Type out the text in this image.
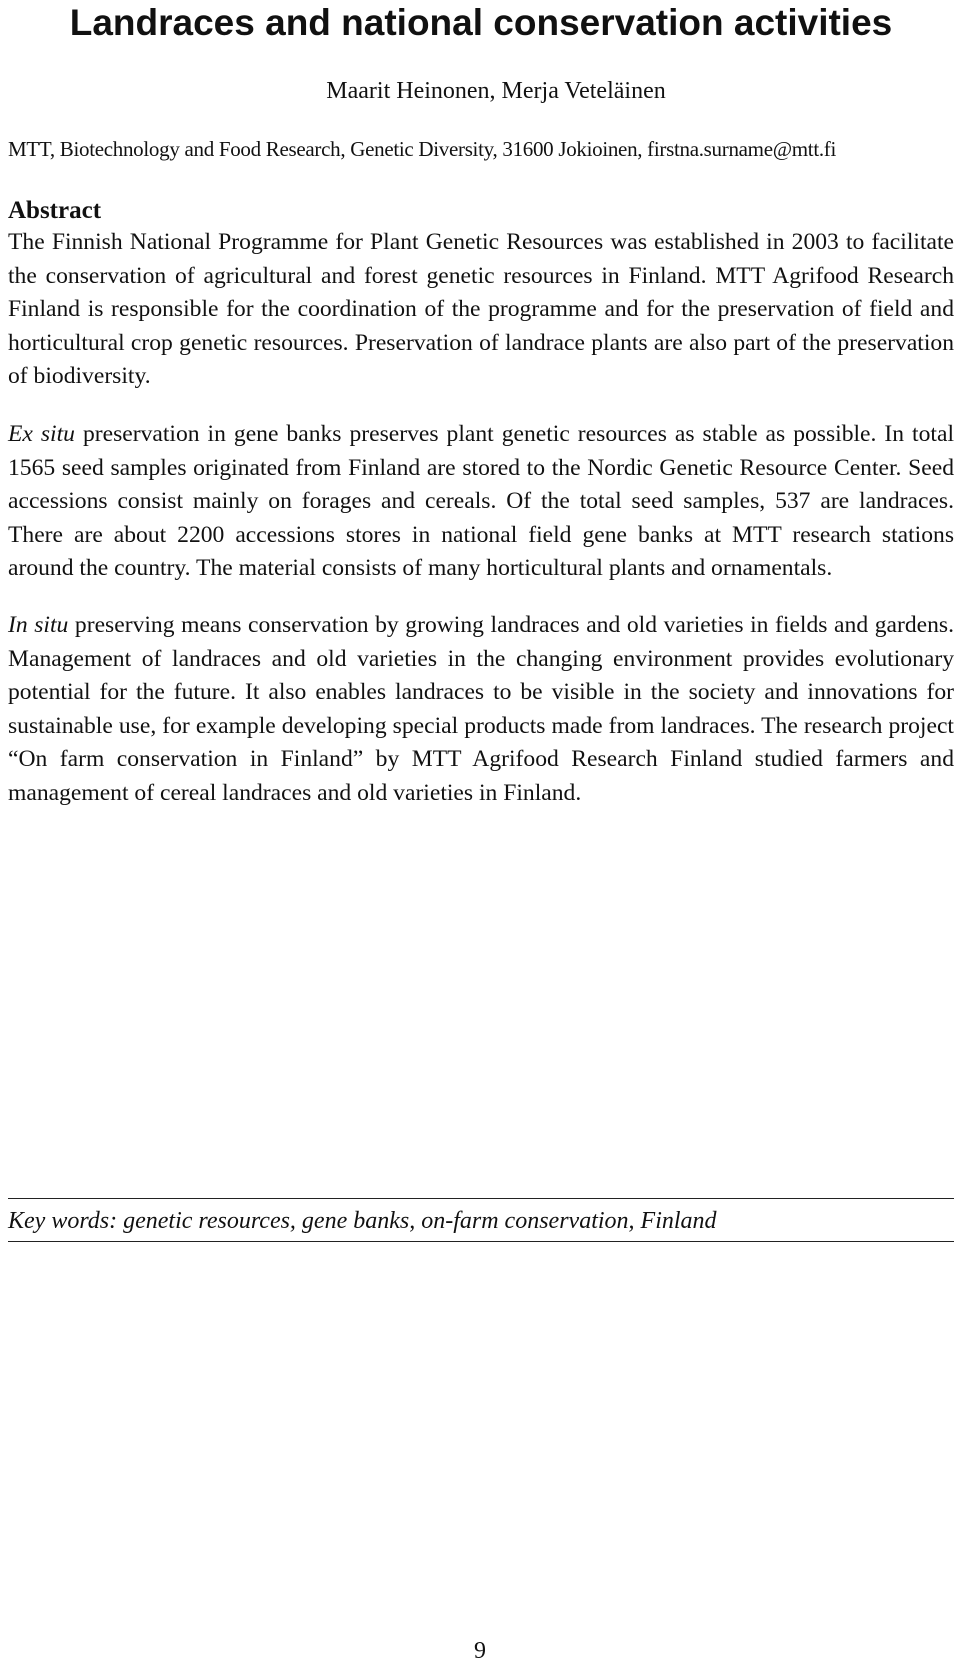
Landraces and national conservation activities
Maarit Heinonen, Merja Veteläinen
MTT, Biotechnology and Food Research, Genetic Diversity, 31600 Jokioinen, firstna.surname@mtt.fi
Abstract

The Finnish National Programme for Plant Genetic Resources was established in 2003 to facilitate the conservation of agricultural and forest genetic resources in Finland. MTT Agrifood Research Finland is responsible for the coordination of the programme and for the preservation of field and horticultural crop genetic resources. Preservation of landrace plants are also part of the preservation of biodiversity.

Ex situ preservation in gene banks preserves plant genetic resources as stable as possible. In total 1565 seed samples originated from Finland are stored to the Nordic Genetic Resource Center. Seed accessions consist mainly on forages and cereals. Of the total seed samples, 537 are landraces. There are about 2200 accessions stores in national field gene banks at MTT research stations around the country. The material consists of many horticultural plants and ornamentals.

In situ preserving means conservation by growing landraces and old varieties in fields and gardens. Management of landraces and old varieties in the changing environment provides evolutionary potential for the future. It also enables landraces to be visible in the society and innovations for sustainable use, for example developing special products made from landraces. The research project “On farm conservation in Finland” by MTT Agrifood Research Finland studied farmers and management of cereal landraces and old varieties in Finland.

Key words: genetic resources, gene banks, on-farm conservation, Finland

9
